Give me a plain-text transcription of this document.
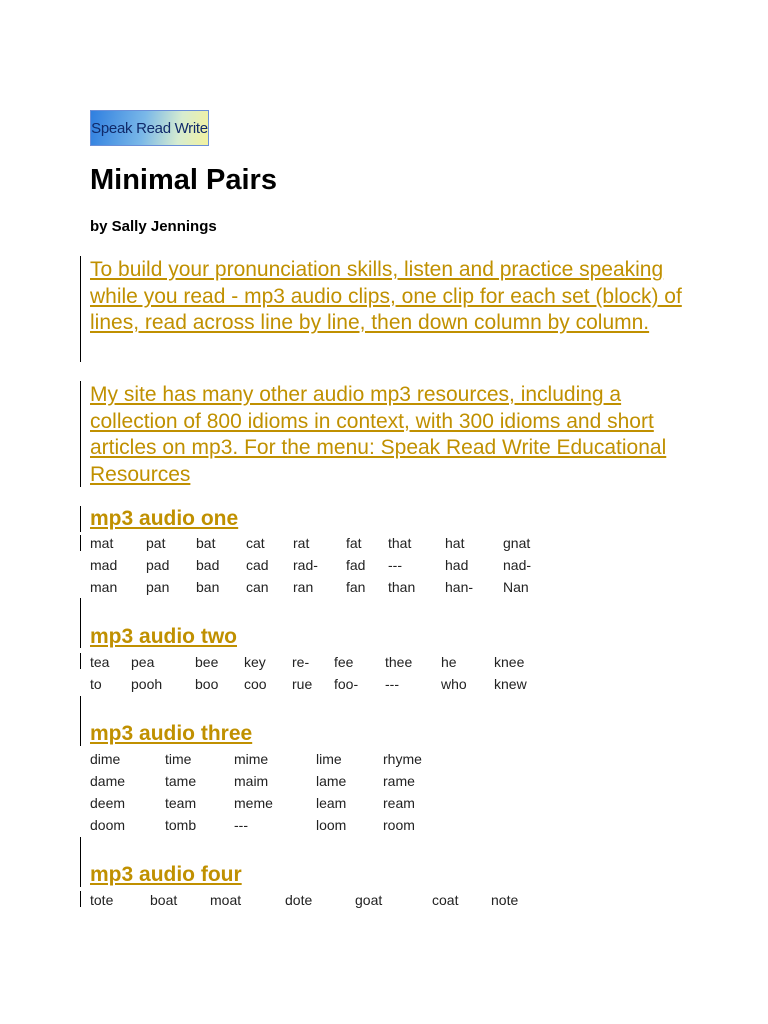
Speak Read Write
Minimal Pairs

by Sally Jennings

To build your pronunciation skills, listen and practice speaking while you read - mp3 audio clips, one clip for each set (block) of lines, read across line by line, then down column by column.

My site has many other audio mp3 resources, including a collection of 800 idioms in context, with 300 idioms and short articles on mp3. For the menu: Speak Read Write Educational Resources

mp3 audio one
mat pat bat cat rat	fat that hat	gnat
mad pad bad cad rad- fad ---	had nad-
man pan ban can ran fan than han- Nan
mp3 audio two
tea pea	bee key re- fee thee he	knee
to pooh boo coo rue foo- ---	who knew
mp3 audio three
dime	time	mime	lime	rhyme
dame	tame	maim	lame	rame
deem	team	meme	leam	ream
doom	tomb	---	loom	room
mp3 audio four
tote	boat moat	dote	goat	coat note
